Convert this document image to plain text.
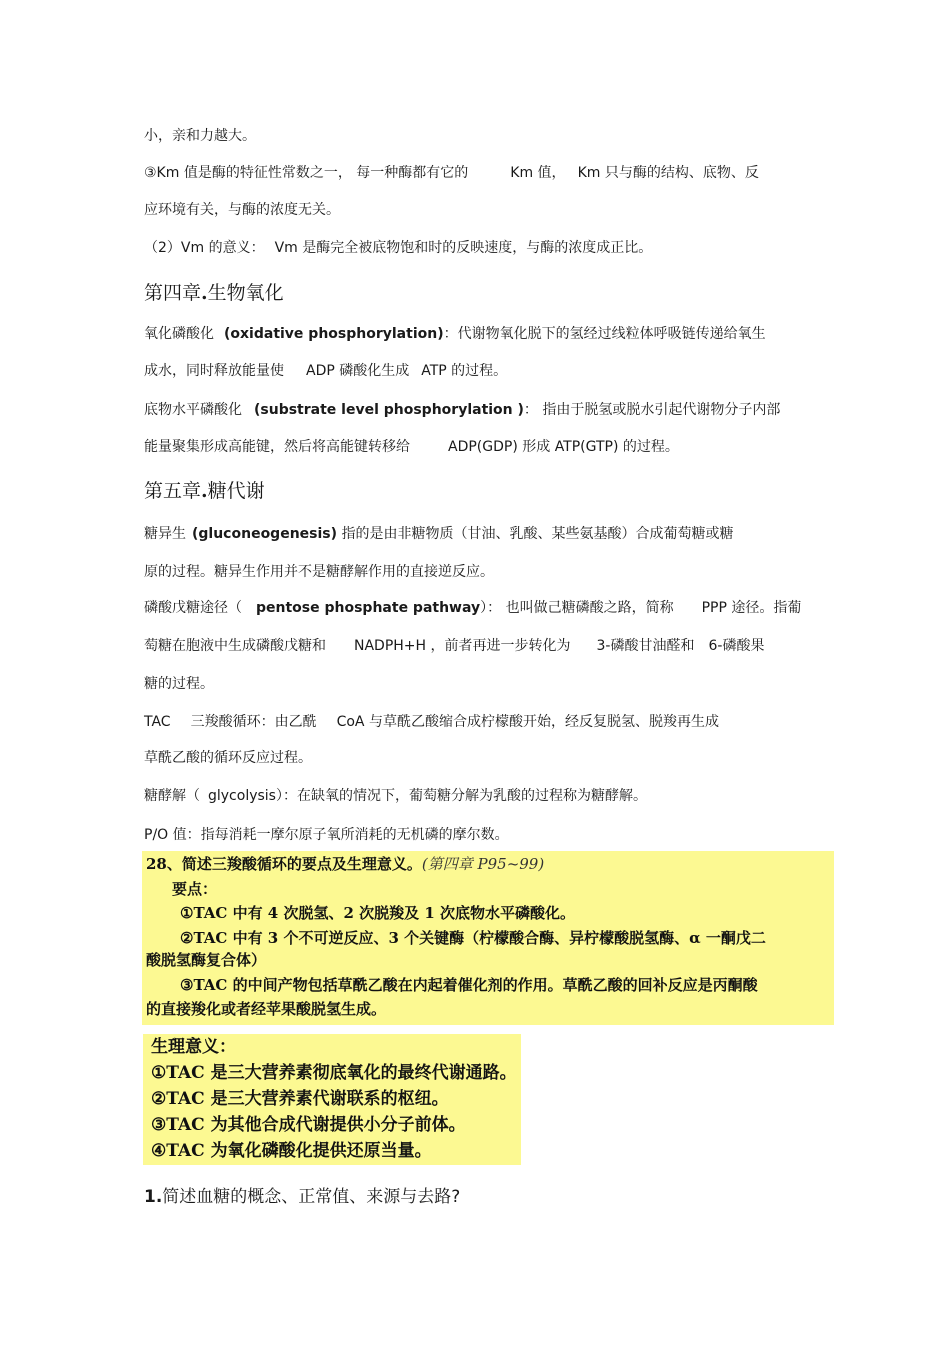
小，亲和力越大。
③Km 值是酶的特征性常数之一， 每一种酶都有它的	Km 值， Km 只与酶的结构、底物、反
应环境有关，与酶的浓度无关。
（2）Vm 的意义： Vm 是酶完全被底物饱和时的反映速度，与酶的浓度成正比。
第四章.生物氧化
氧化磷酸化 (oxidative phosphorylation)：代谢物氧化脱下的氢经过线粒体呼吸链传递给氧生
成水，同时释放能量使 ADP 磷酸化生成 ATP 的过程。
底物水平磷酸化 (substrate level phosphorylation )： 指由于脱氢或脱水引起代谢物分子内部
能量聚集形成高能键，然后将高能键转移给	ADP(GDP) 形成 ATP(GTP) 的过程。
第五章.糖代谢
糖异生 (gluconeogenesis) 指的是由非糖物质（甘油、乳酸、某些氨基酸）合成葡萄糖或糖
原的过程。糖异生作用并不是糖酵解作用的直接逆反应。
磷酸戊糖途径（ pentose phosphate pathway）： 也叫做己糖磷酸之路，简称 PPP 途径。指葡
萄糖在胞液中生成磷酸戊糖和 NADPH+H ，前者再进一步转化为 3-磷酸甘油醛和 6-磷酸果
糖的过程。
TAC 三羧酸循环：由乙酰 CoA 与草酰乙酸缩合成柠檬酸开始，经反复脱氢、脱羧再生成
草酰乙酸的循环反应过程。
糖酵解（ glycolysis）：在缺氧的情况下，葡萄糖分解为乳酸的过程称为糖酵解。
P/O 值：指每消耗一摩尔原子氧所消耗的无机磷的摩尔数。
28、简述三羧酸循环的要点及生理意义。(第四章 P95~99)
要点：
①TAC 中有 4 次脱氢、2 次脱羧及 1 次底物水平磷酸化。
②TAC 中有 3 个不可逆反应、3 个关键酶（柠檬酸合酶、异柠檬酸脱氢酶、α 一酮戊二
酸脱氢酶复合体）
③TAC 的中间产物包括草酰乙酸在内起着催化剂的作用。草酰乙酸的回补反应是丙酮酸
的直接羧化或者经苹果酸脱氢生成。
生理意义：
①TAC 是三大营养素彻底氧化的最终代谢通路。
②TAC 是三大营养素代谢联系的枢纽。
③TAC 为其他合成代谢提供小分子前体。
④TAC 为氧化磷酸化提供还原当量。
1.简述血糖的概念、正常值、来源与去路?
